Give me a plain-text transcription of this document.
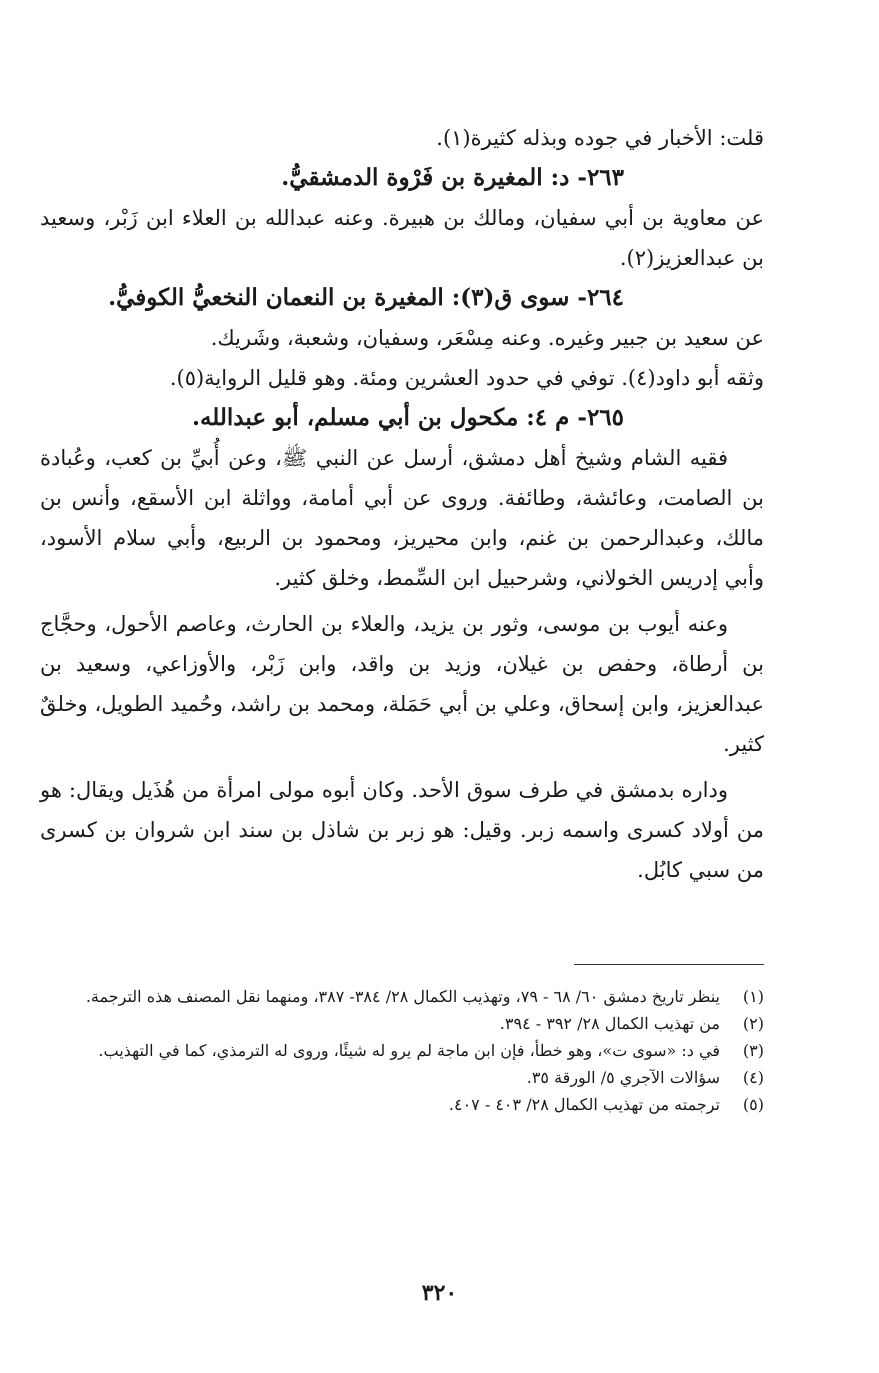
قلت: الأخبار في جوده وبذله كثيرة(١).

٢٦٣- د: المغيرة بن فَرْوة الدمشقيُّ.

عن معاوية بن أبي سفيان، ومالك بن هبيرة. وعنه عبدالله بن العلاء ابن زَبْر، وسعيد بن عبدالعزيز(٢).

٢٦٤- سوى ق(٣): المغيرة بن النعمان النخعيُّ الكوفيُّ.

عن سعيد بن جبير وغيره. وعنه مِسْعَر، وسفيان، وشعبة، وشَريك.

وثقه أبو داود(٤). توفي في حدود العشرين ومئة. وهو قليل الرواية(٥).

٢٦٥- م ٤: مكحول بن أبي مسلم، أبو عبدالله.

فقيه الشام وشيخ أهل دمشق، أرسل عن النبي ﷺ، وعن أُبيِّ بن كعب، وعُبادة بن الصامت، وعائشة، وطائفة. وروى عن أبي أمامة، وواثلة ابن الأسقع، وأنس بن مالك، وعبدالرحمن بن غنم، وابن محيريز، ومحمود بن الربيع، وأبي سلام الأسود، وأبي إدريس الخولاني، وشرحبيل ابن السِّمط، وخلق كثير.

وعنه أيوب بن موسى، وثور بن يزيد، والعلاء بن الحارث، وعاصم الأحول، وحجَّاج بن أرطاة، وحفص بن غيلان، وزيد بن واقد، وابن زَبْر، والأوزاعي، وسعيد بن عبدالعزيز، وابن إسحاق، وعلي بن أبي حَمَلة، ومحمد بن راشد، وحُميد الطويل، وخلقٌ كثير.

وداره بدمشق في طرف سوق الأحد. وكان أبوه مولى امرأة من هُذَيل ويقال: هو من أولاد كسرى واسمه زبر. وقيل: هو زبر بن شاذل بن سند ابن شروان بن كسرى من سبي كابُل.

(١)
ينظر تاريخ دمشق ٦٠/ ٦٨ - ٧٩، وتهذيب الكمال ٢٨/ ٣٨٤- ٣٨٧، ومنهما نقل المصنف هذه الترجمة.
(٢)
من تهذيب الكمال ٢٨/ ٣٩٢ - ٣٩٤.
(٣)
في د: «سوى ت»، وهو خطأ، فإن ابن ماجة لم يرو له شيئًا، وروى له الترمذي، كما في التهذيب.
(٤)
سؤالات الآجري ٥/ الورقة ٣٥.
(٥)
ترجمته من تهذيب الكمال ٢٨/ ٤٠٣ - ٤٠٧.
٣٢٠
